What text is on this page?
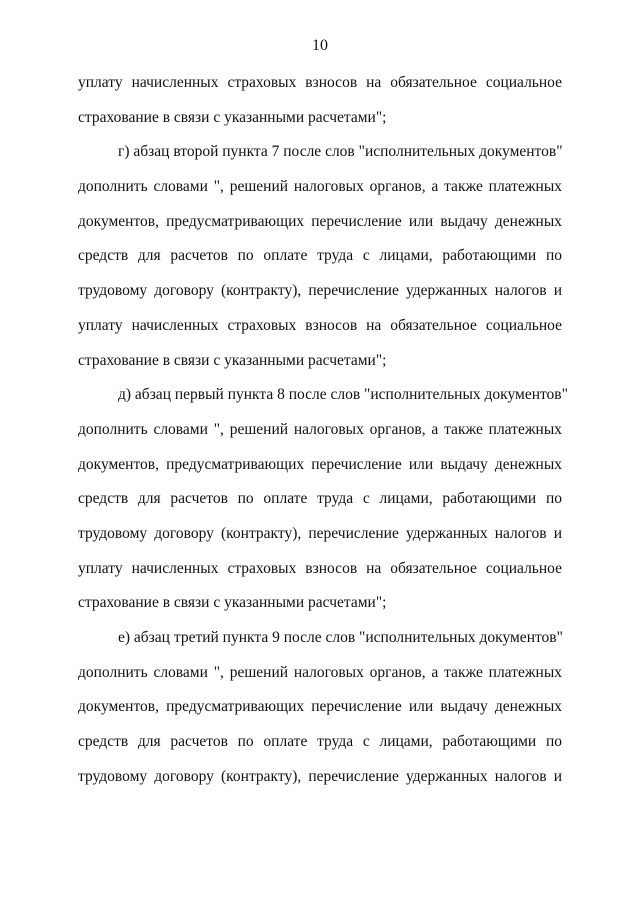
10
уплату начисленных страховых взносов на обязательное социальное
страхование в связи с указанными расчетами";
г) абзац второй пункта 7 после слов "исполнительных документов"
дополнить словами ", решений налоговых органов, а также платежных
документов, предусматривающих перечисление или выдачу денежных
средств для расчетов по оплате труда с лицами, работающими по
трудовому договору (контракту), перечисление удержанных налогов и
уплату начисленных страховых взносов на обязательное социальное
страхование в связи с указанными расчетами";
д) абзац первый пункта 8 после слов "исполнительных документов"
дополнить словами ", решений налоговых органов, а также платежных
документов, предусматривающих перечисление или выдачу денежных
средств для расчетов по оплате труда с лицами, работающими по
трудовому договору (контракту), перечисление удержанных налогов и
уплату начисленных страховых взносов на обязательное социальное
страхование в связи с указанными расчетами";
е) абзац третий пункта 9 после слов "исполнительных документов"
дополнить словами ", решений налоговых органов, а также платежных
документов, предусматривающих перечисление или выдачу денежных
средств для расчетов по оплате труда с лицами, работающими по
трудовому договору (контракту), перечисление удержанных налогов и
